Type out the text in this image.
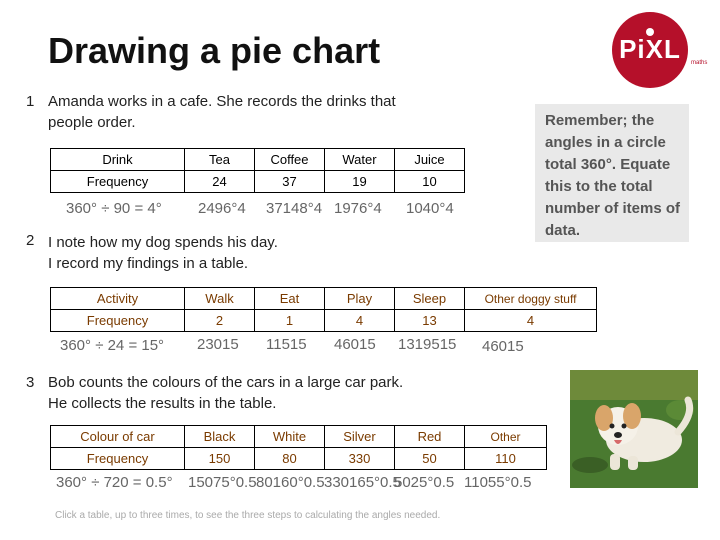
Drawing a pie chart	PiXL	maths
Remember; the angles in a circle total 360°. Equate this to the total number of items of data.
1 Amanda works in a cafe. She records the drinks that
people order.
Drink	Tea	Coffee	Water	Juice
Frequency	24	37	19	10
360° ÷ 90 = 4° 2496°4 37148°4 1976°4 1040°4
2 I note how my dog spends his day.
I record my findings in a table.
Activity	Walk	Eat	Play	Sleep	Other doggy stuff
Frequency	2	1	4	13	4
360° ÷ 24 = 15° 23015 11515 46015 1319515 46015
3 Bob counts the colours of the cars in a large car park.
He collects the results in the table.
Colour of car	Black	White	Silver	Red	Other
Frequency	150	80	330	50	110
360° ÷ 720 = 0.5° 15075°0.5 80160°0.5 330165°0.5
5025°0.5 11055°0.5
Click a table, up to three times, to see the three steps to calculating the angles needed.
